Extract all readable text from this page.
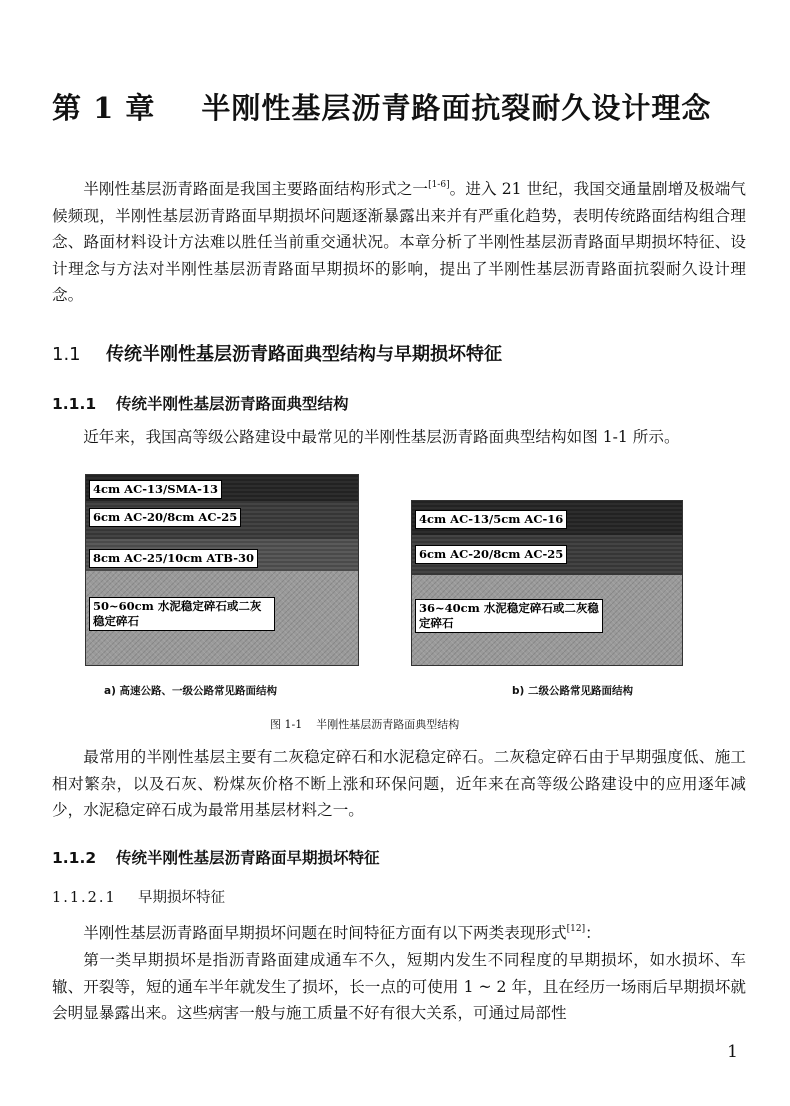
第 1 章 半刚性基层沥青路面抗裂耐久设计理念

半刚性基层沥青路面是我国主要路面结构形式之一[1-6]。进入 21 世纪，我国交通量剧增及极端气候频现，半刚性基层沥青路面早期损坏问题逐渐暴露出来并有严重化趋势，表明传统路面结构组合理念、路面材料设计方法难以胜任当前重交通状况。本章分析了半刚性基层沥青路面早期损坏特征、设计理念与方法对半刚性基层沥青路面早期损坏的影响，提出了半刚性基层沥青路面抗裂耐久设计理念。

1.1 传统半刚性基层沥青路面典型结构与早期损坏特征
1.1.1 传统半刚性基层沥青路面典型结构

近年来，我国高等级公路建设中最常见的半刚性基层沥青路面典型结构如图 1-1 所示。

4cm AC-13/SMA-13
6cm AC-20/8cm AC-25
8cm AC-25/10cm ATB-30
50~60cm 水泥稳定碎石或二灰稳定碎石
a) 高速公路、一级公路常见路面结构
4cm AC-13/5cm AC-16
6cm AC-20/8cm AC-25
36~40cm 水泥稳定碎石或二灰稳定碎石
b) 二级公路常见路面结构
图 1-1 半刚性基层沥青路面典型结构

最常用的半刚性基层主要有二灰稳定碎石和水泥稳定碎石。二灰稳定碎石由于早期强度低、施工相对繁杂，以及石灰、粉煤灰价格不断上涨和环保问题，近年来在高等级公路建设中的应用逐年减少，水泥稳定碎石成为最常用基层材料之一。

1.1.2 传统半刚性基层沥青路面早期损坏特征
1.1.2.1 早期损坏特征

半刚性基层沥青路面早期损坏问题在时间特征方面有以下两类表现形式[12]：

第一类早期损坏是指沥青路面建成通车不久，短期内发生不同程度的早期损坏，如水损坏、车辙、开裂等，短的通车半年就发生了损坏，长一点的可使用 1 ~ 2 年，且在经历一场雨后早期损坏就会明显暴露出来。这些病害一般与施工质量不好有很大关系，可通过局部性

1
